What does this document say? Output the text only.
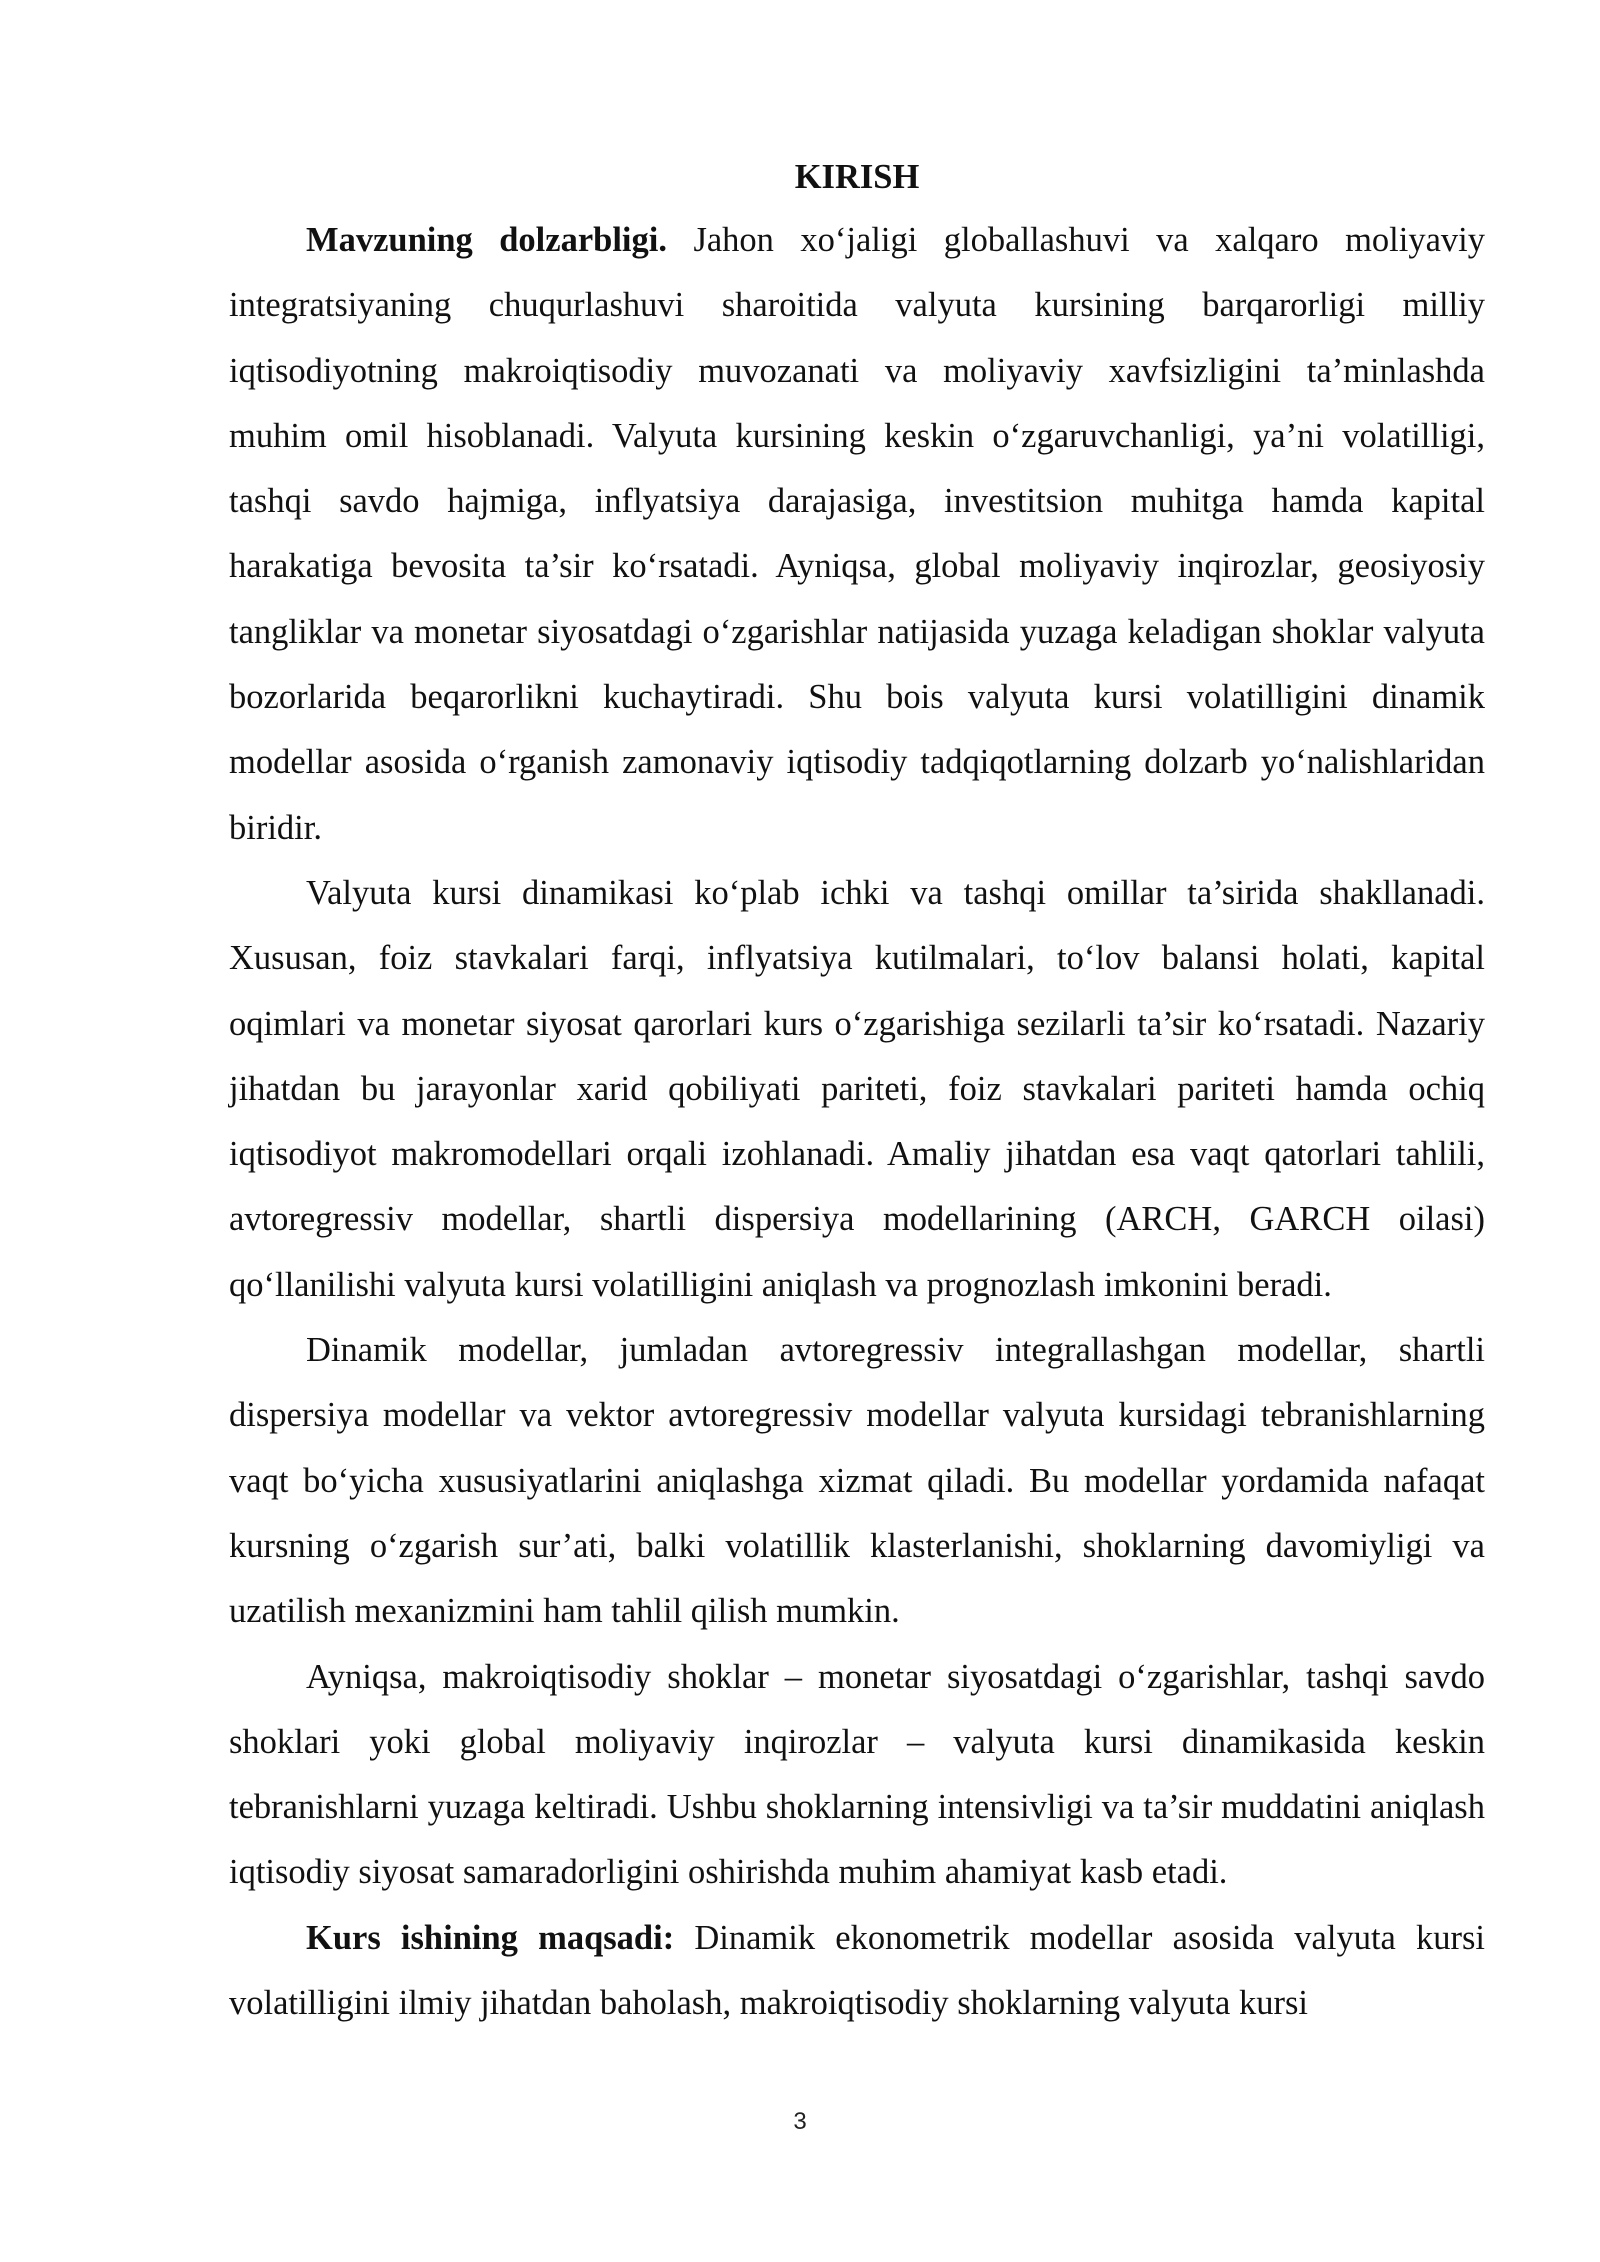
KIRISH

Mavzuning dolzarbligi. Jahon xo‘jaligi globallashuvi va xalqaro moliyaviy integratsiyaning chuqurlashuvi sharoitida valyuta kursining barqarorligi milliy iqtisodiyotning makroiqtisodiy muvozanati va moliyaviy xavfsizligini ta’minlashda muhim omil hisoblanadi. Valyuta kursining keskin o‘zgaruvchanligi, ya’ni volatilligi, tashqi savdo hajmiga, inflyatsiya darajasiga, investitsion muhitga hamda kapital harakatiga bevosita ta’sir ko‘rsatadi. Ayniqsa, global moliyaviy inqirozlar, geosiyosiy tangliklar va monetar siyosatdagi o‘zgarishlar natijasida yuzaga keladigan shoklar valyuta bozorlarida beqarorlikni kuchaytiradi. Shu bois valyuta kursi volatilligini dinamik modellar asosida o‘rganish zamonaviy iqtisodiy tadqiqotlarning dolzarb yo‘nalishlaridan biridir.

Valyuta kursi dinamikasi ko‘plab ichki va tashqi omillar ta’sirida shakllanadi. Xususan, foiz stavkalari farqi, inflyatsiya kutilmalari, to‘lov balansi holati, kapital oqimlari va monetar siyosat qarorlari kurs o‘zgarishiga sezilarli ta’sir ko‘rsatadi. Nazariy jihatdan bu jarayonlar xarid qobiliyati pariteti, foiz stavkalari pariteti hamda ochiq iqtisodiyot makromodellari orqali izohlanadi. Amaliy jihatdan esa vaqt qatorlari tahlili, avtoregressiv modellar, shartli dispersiya modellarining (ARCH, GARCH oilasi) qo‘llanilishi valyuta kursi volatilligini aniqlash va prognozlash imkonini beradi.

Dinamik modellar, jumladan avtoregressiv integrallashgan modellar, shartli dispersiya modellar va vektor avtoregressiv modellar valyuta kursidagi tebranishlarning vaqt bo‘yicha xususiyatlarini aniqlashga xizmat qiladi. Bu modellar yordamida nafaqat kursning o‘zgarish sur’ati, balki volatillik klasterlanishi, shoklarning davomiyligi va uzatilish mexanizmini ham tahlil qilish mumkin.

Ayniqsa, makroiqtisodiy shoklar – monetar siyosatdagi o‘zgarishlar, tashqi savdo shoklari yoki global moliyaviy inqirozlar – valyuta kursi dinamikasida keskin tebranishlarni yuzaga keltiradi. Ushbu shoklarning intensivligi va ta’sir muddatini aniqlash iqtisodiy siyosat samaradorligini oshirishda muhim ahamiyat kasb etadi.

Kurs ishining maqsadi: Dinamik ekonometrik modellar asosida valyuta kursi volatilligini ilmiy jihatdan baholash, makroiqtisodiy shoklarning valyuta kursi

3
